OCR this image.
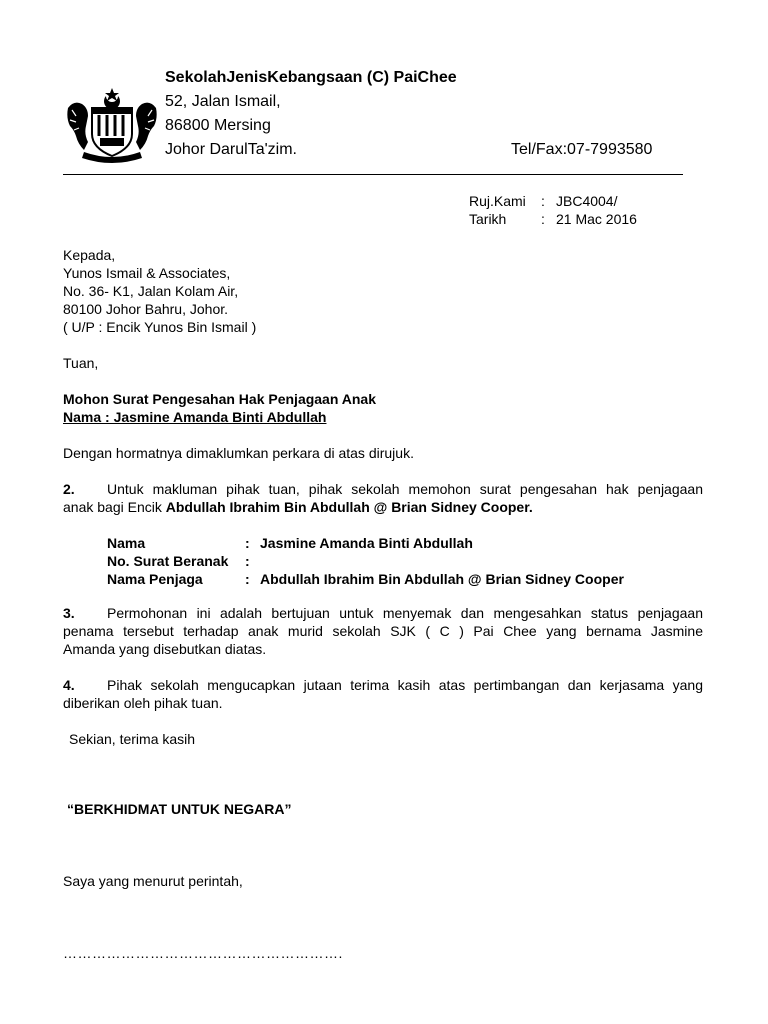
SekolahJenisKebangsaan (C) PaiChee
52, Jalan Ismail,
86800 Mersing
Johor DarulTa'zim.	Tel/Fax:07-7993580
Ruj.Kami : JBC4004/
Tarikh : 21 Mac 2016
Kepada,
Yunos Ismail & Associates,
No. 36- K1, Jalan Kolam Air,
80100 Johor Bahru, Johor.
( U/P : Encik Yunos Bin Ismail )
Tuan,
Mohon Surat Pengesahan Hak Penjagaan Anak
Nama : Jasmine Amanda Binti Abdullah
Dengan hormatnya dimaklumkan perkara di atas dirujuk.
2. Untuk makluman pihak tuan, pihak sekolah memohon surat pengesahan hak penjagaan
anak bagi Encik Abdullah Ibrahim Bin Abdullah @ Brian Sidney Cooper.
Nama	: Jasmine Amanda Binti Abdullah
No. Surat Beranak :
Nama Penjaga	: Abdullah Ibrahim Bin Abdullah @ Brian Sidney Cooper
3. Permohonan ini adalah bertujuan untuk menyemak dan mengesahkan status penjagaan
penama tersebut terhadap anak murid sekolah SJK ( C ) Pai Chee yang bernama Jasmine
Amanda yang disebutkan diatas.
4. Pihak sekolah mengucapkan jutaan terima kasih atas pertimbangan dan kerjasama yang
diberikan oleh pihak tuan.
Sekian, terima kasih
“BERKHIDMAT UNTUK NEGARA”
Saya yang menurut perintah,
………………………………………………….
